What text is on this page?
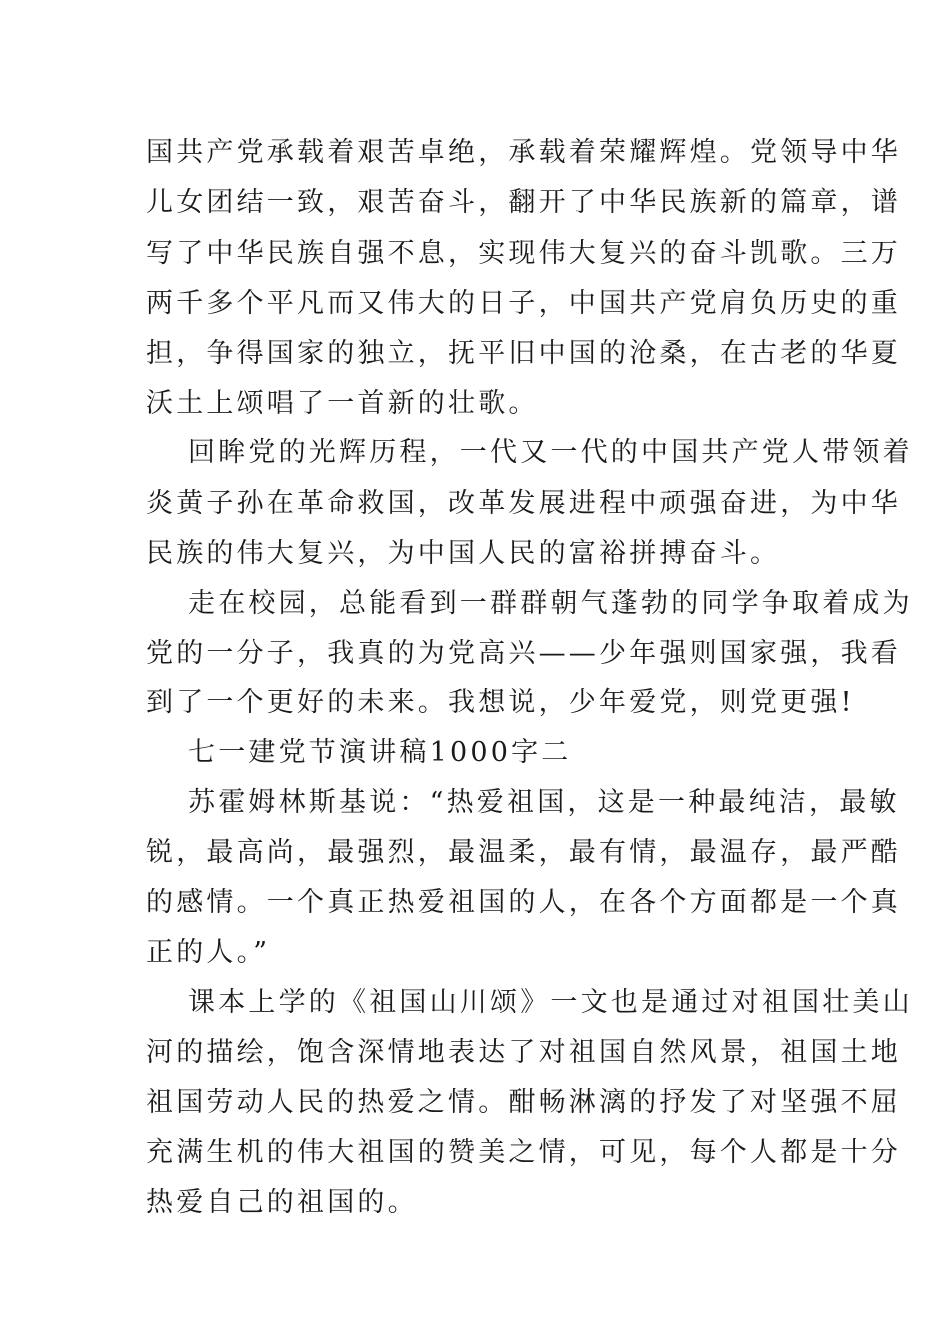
国共产党承载着艰苦卓绝，承载着荣耀辉煌。党领导中华
儿女团结一致，艰苦奋斗，翻开了中华民族新的篇章，谱
写了中华民族自强不息，实现伟大复兴的奋斗凯歌。三万
两千多个平凡而又伟大的日子，中国共产党肩负历史的重
担，争得国家的独立，抚平旧中国的沧桑，在古老的华夏
沃土上颂唱了一首新的壮歌。
回眸党的光辉历程，一代又一代的中国共产党人带领着
炎黄子孙在革命救国，改革发展进程中顽强奋进，为中华
民族的伟大复兴，为中国人民的富裕拼搏奋斗。
走在校园，总能看到一群群朝气蓬勃的同学争取着成为
党的一分子，我真的为党高兴——少年强则国家强，我看
到了一个更好的未来。我想说，少年爱党，则党更强!
七一建党节演讲稿1000字二
苏霍姆林斯基说：“热爱祖国，这是一种最纯洁，最敏
锐，最高尚，最强烈，最温柔，最有情，最温存，最严酷
的感情。一个真正热爱祖国的人，在各个方面都是一个真
正的人。”
课本上学的《祖国山川颂》一文也是通过对祖国壮美山
河的描绘，饱含深情地表达了对祖国自然风景，祖国土地
祖国劳动人民的热爱之情。酣畅淋漓的抒发了对坚强不屈
充满生机的伟大祖国的赞美之情，可见，每个人都是十分
热爱自己的祖国的。
